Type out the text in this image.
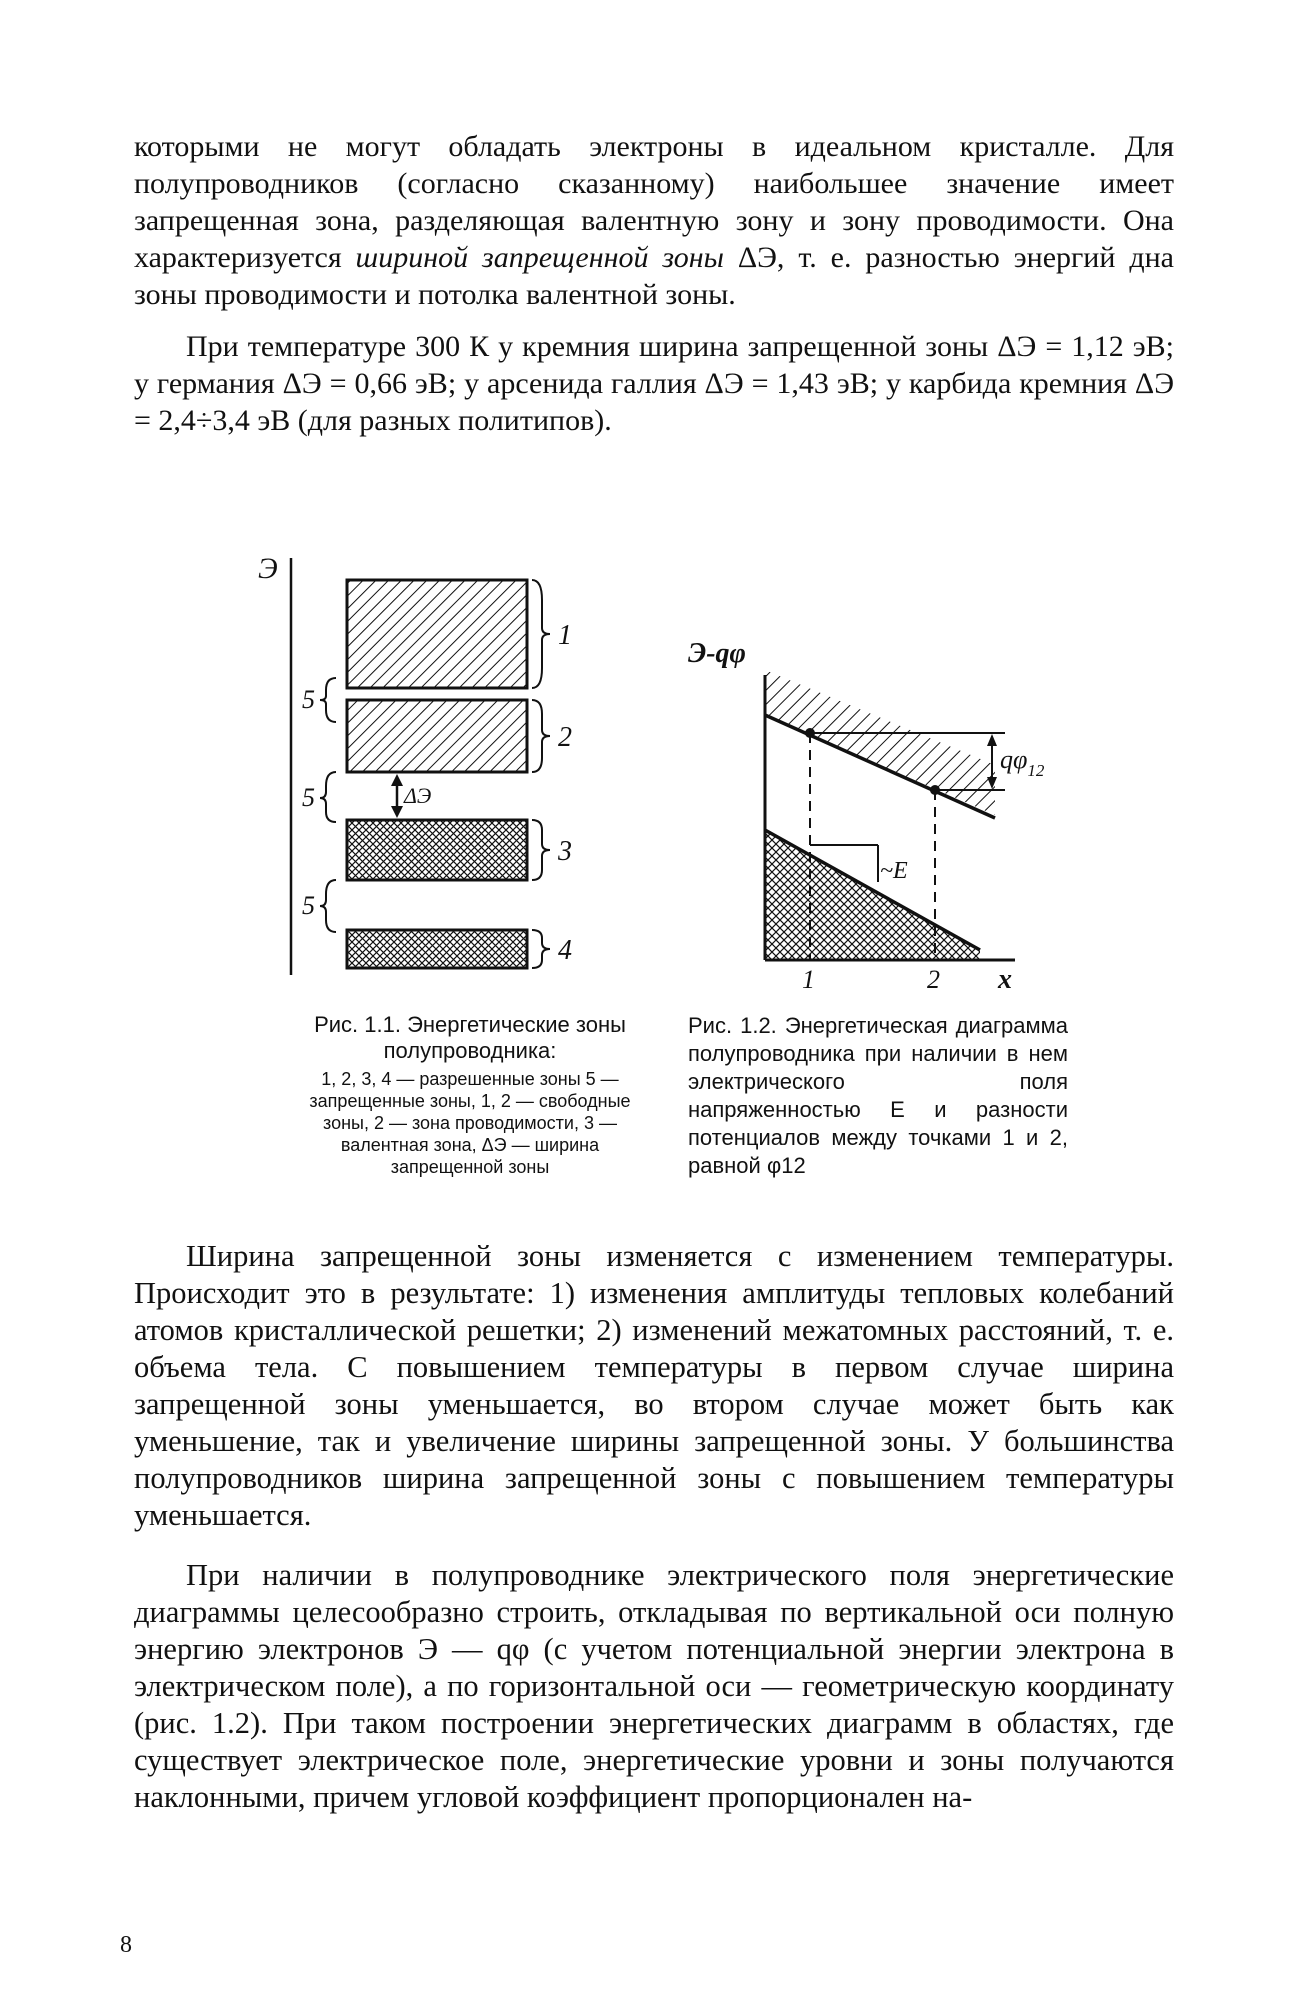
которыми не могут обладать электроны в идеальном кристалле. Для полупроводников (согласно сказанному) наибольшее значение имеет запрещенная зона, разделяющая валентную зону и зону проводимости. Она характеризуется шириной запрещенной зоны ΔЭ, т. е. разностью энергий дна зоны проводимости и потолка валентной зоны.

При температуре 300 К у кремния ширина запрещенной зоны ΔЭ = 1,12 эВ; у германия ΔЭ = 0,66 эВ; у арсенида галлия ΔЭ = 1,43 эВ; у карбида кремния ΔЭ = 2,4÷3,4 эВ (для разных политипов).

Э
1
2
3
4
5
5
5
ΔЭ
Рис. 1.1. Энергетические зоны полупроводника:
1, 2, 3, 4 — разрешенные зоны 5 — запрещенные зоны, 1, 2 — свободные зоны, 2 — зона проводимости, 3 — валентная зона, ΔЭ — ширина запрещенной зоны
Э-qφ
x
$q\varphi_{12}$
~E
1	2
Рис. 1.2. Энергетическая диаграмма полупроводника при наличии в нем электрического поля напряженностью E и разности потенциалов между точками 1 и 2, равной φ12

Ширина запрещенной зоны изменяется с изменением температуры. Происходит это в результате: 1) изменения амплитуды тепловых колебаний атомов кристаллической решетки; 2) изменений межатомных расстояний, т. е. объема тела. С повышением температуры в первом случае ширина запрещенной зоны уменьшается, во втором случае может быть как уменьшение, так и увеличение ширины запрещенной зоны. У большинства полупроводников ширина запрещенной зоны с повышением температуры уменьшается.

При наличии в полупроводнике электрического поля энергетические диаграммы целесообразно строить, откладывая по вертикальной оси полную энергию электронов Э — qφ (с учетом потенциальной энергии электрона в электрическом поле), а по горизонтальной оси — геометрическую координату (рис. 1.2). При таком построении энергетических диаграмм в областях, где существует электрическое поле, энергетические уровни и зоны получаются наклонными, причем угловой коэффициент пропорционален на-

8
